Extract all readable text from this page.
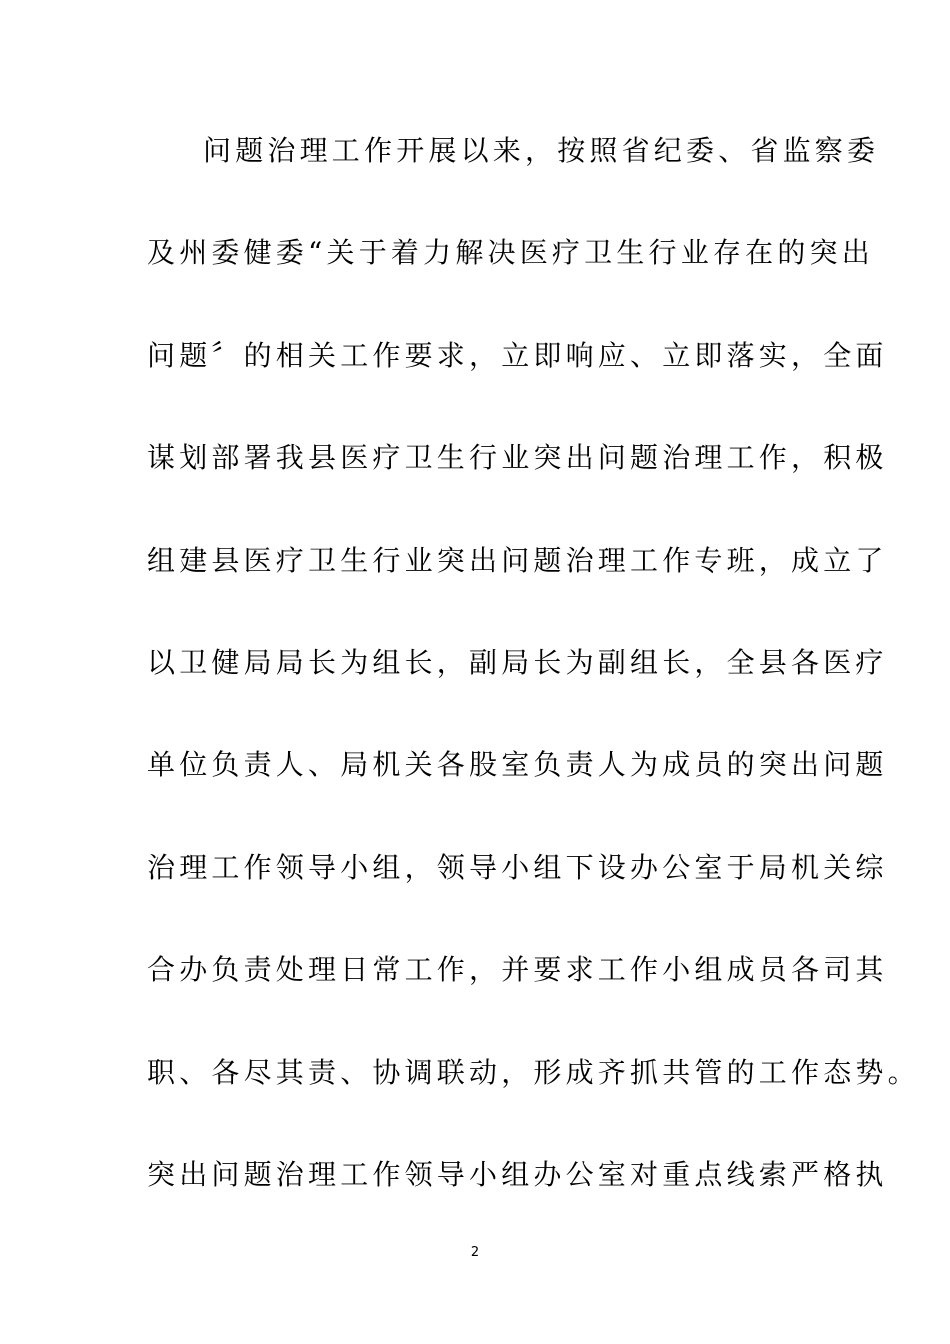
问题治理工作开展以来，按照省纪委、省监察委
及州委健委“关于着力解决医疗卫生行业存在的突出
问题〞的相关工作要求，立即响应、立即落实，全面
谋划部署我县医疗卫生行业突出问题治理工作，积极
组建县医疗卫生行业突出问题治理工作专班，成立了
以卫健局局长为组长，副局长为副组长，全县各医疗
单位负责人、局机关各股室负责人为成员的突出问题
治理工作领导小组，领导小组下设办公室于局机关综
合办负责处理日常工作，并要求工作小组成员各司其
职、各尽其责、协调联动，形成齐抓共管的工作态势。
突出问题治理工作领导小组办公室对重点线索严格执
2
